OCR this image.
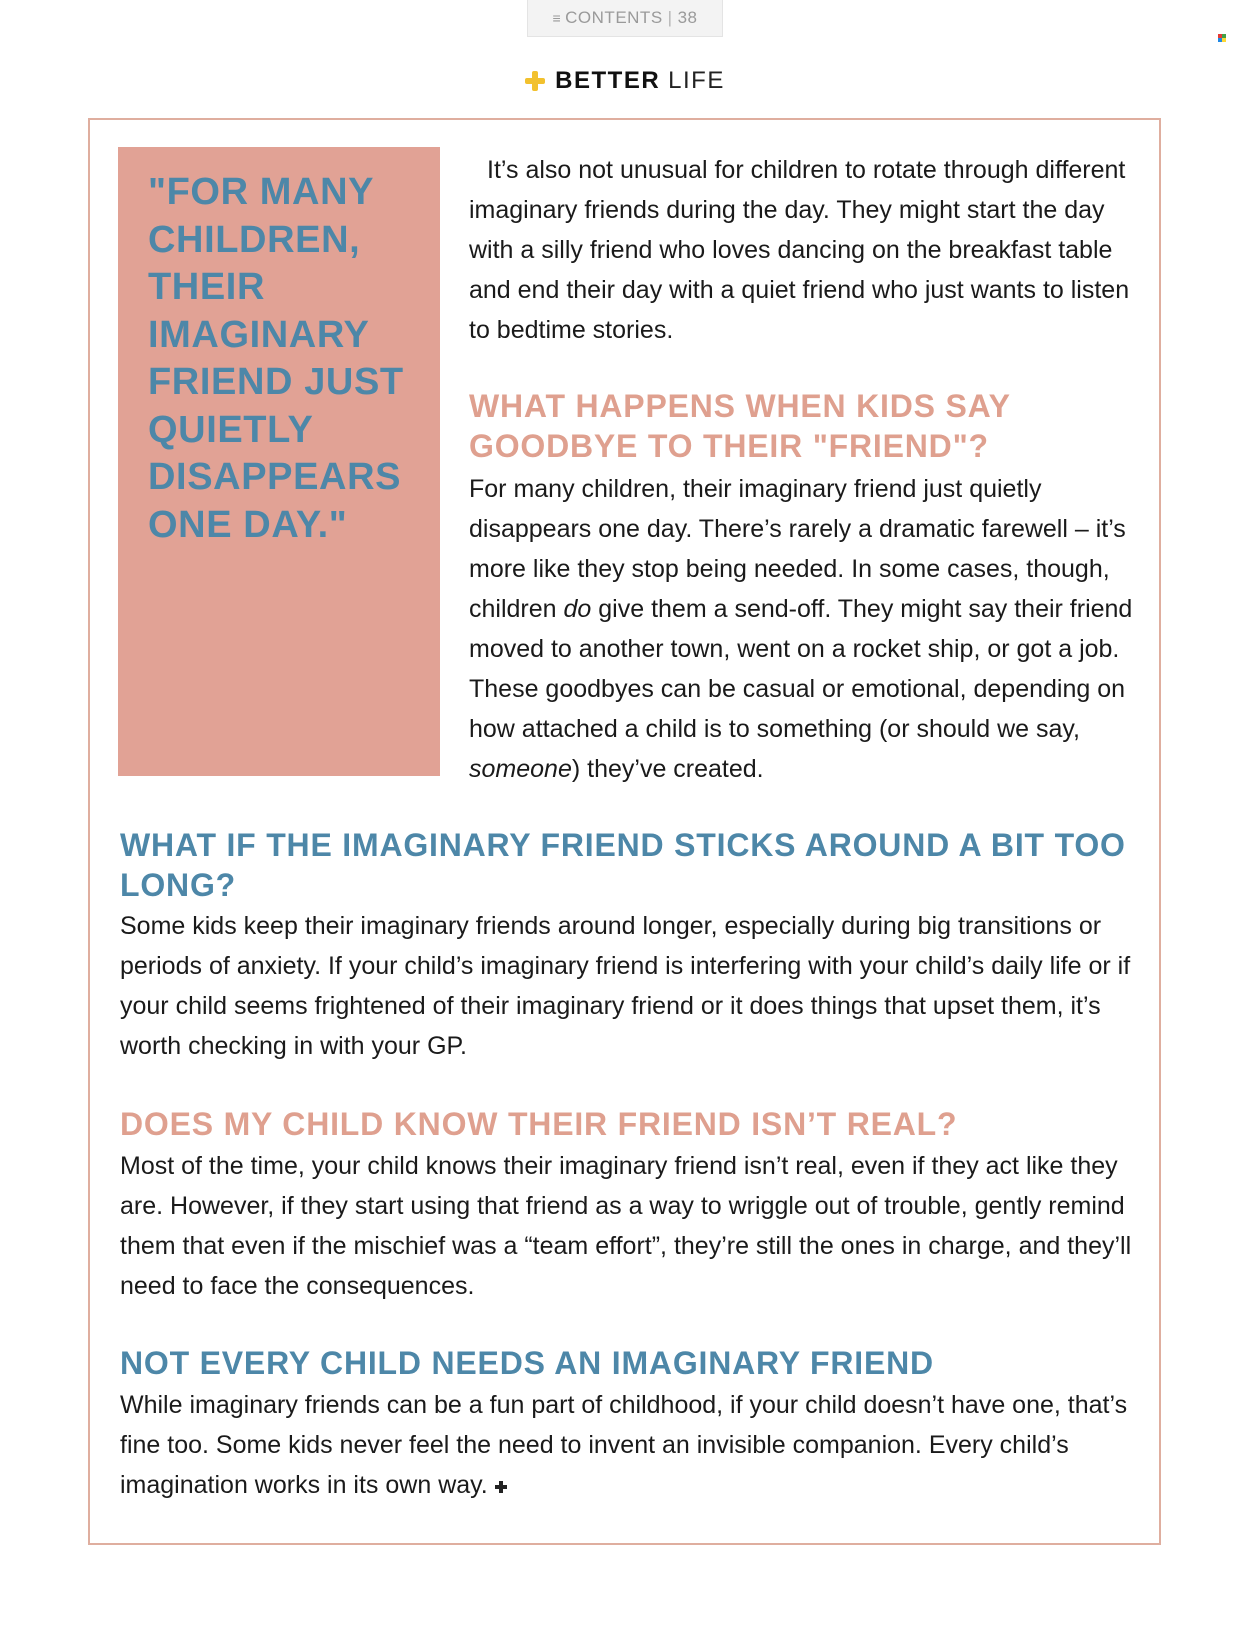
≡ CONTENTS | 38
BETTER LIFE

"FOR MANY
CHILDREN,
THEIR
IMAGINARY
FRIEND JUST
QUIETLY
DISAPPEARS
ONE DAY."

It’s also not unusual for children to rotate through different imaginary friends during the day. They might start the day with a silly friend who loves dancing on the breakfast table and end their day with a quiet friend who just wants to listen to bedtime stories.

WHAT HAPPENS WHEN KIDS SAY GOODBYE TO THEIR "FRIEND"?

For many children, their imaginary friend just quietly disappears one day. There’s rarely a dramatic farewell – it’s more like they stop being needed. In some cases, though, children do give them a send-off. They might say their friend moved to another town, went on a rocket ship, or got a job. These goodbyes can be casual or emotional, depending on how attached a child is to something (or should we say, someone) they’ve created.

WHAT IF THE IMAGINARY FRIEND STICKS AROUND A BIT TOO LONG?

Some kids keep their imaginary friends around longer, especially during big transitions or periods of anxiety. If your child’s imaginary friend is interfering with your child’s daily life or if your child seems frightened of their imaginary friend or it does things that upset them, it’s worth checking in with your GP.

DOES MY CHILD KNOW THEIR FRIEND ISN’T REAL?

Most of the time, your child knows their imaginary friend isn’t real, even if they act like they are. However, if they start using that friend as a way to wriggle out of trouble, gently remind them that even if the mischief was a “team effort”, they’re still the ones in charge, and they’ll need to face the consequences.

NOT EVERY CHILD NEEDS AN IMAGINARY FRIEND

While imaginary friends can be a fun part of childhood, if your child doesn’t have one, that’s fine too. Some kids never feel the need to invent an invisible companion. Every child’s imagination works in its own way.
